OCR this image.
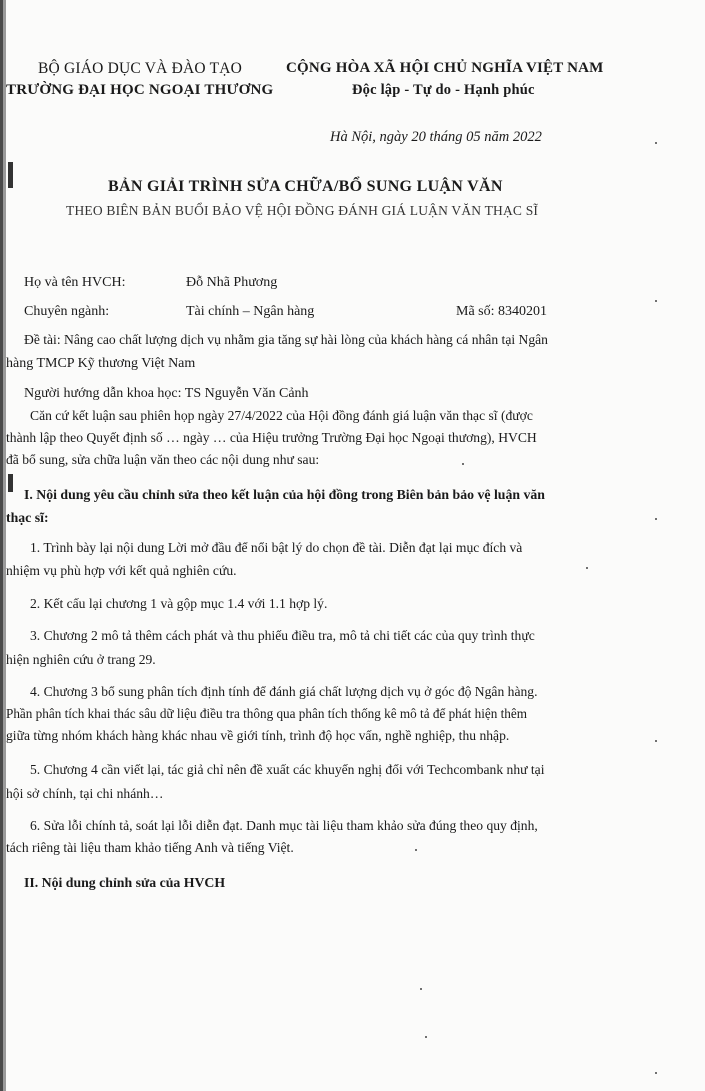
BỘ GIÁO DỤC VÀ ĐÀO TẠO
TRƯỜNG ĐẠI HỌC NGOẠI THƯƠNG
CỘNG HÒA XÃ HỘI CHỦ NGHĨA VIỆT NAM
Độc lập - Tự do - Hạnh phúc
Hà Nội, ngày 20 tháng 05 năm 2022
BẢN GIẢI TRÌNH SỬA CHỮA/BỔ SUNG LUẬN VĂN
THEO BIÊN BẢN BUỔI BẢO VỆ HỘI ĐỒNG ĐÁNH GIÁ LUẬN VĂN THẠC SĨ
Họ và tên HVCH:	Đỗ Nhã Phương
Chuyên ngành:	Tài chính – Ngân hàng	Mã số: 8340201
Đề tài: Nâng cao chất lượng dịch vụ nhằm gia tăng sự hài lòng của khách hàng cá nhân tại Ngân
hàng TMCP Kỹ thương Việt Nam
Người hướng dẫn khoa học: TS Nguyễn Văn Cảnh
Căn cứ kết luận sau phiên họp ngày 27/4/2022 của Hội đồng đánh giá luận văn thạc sĩ (được
thành lập theo Quyết định số … ngày … của Hiệu trưởng Trường Đại học Ngoại thương), HVCH
đã bổ sung, sửa chữa luận văn theo các nội dung như sau:
I. Nội dung yêu cầu chỉnh sửa theo kết luận của hội đồng trong Biên bản bảo vệ luận văn
thạc sĩ:
1. Trình bày lại nội dung Lời mở đầu để nổi bật lý do chọn đề tài. Diễn đạt lại mục đích và
nhiệm vụ phù hợp với kết quả nghiên cứu.
2. Kết cấu lại chương 1 và gộp mục 1.4 với 1.1 hợp lý.
3. Chương 2 mô tả thêm cách phát và thu phiếu điều tra, mô tả chi tiết các của quy trình thực
hiện nghiên cứu ở trang 29.
4. Chương 3 bổ sung phân tích định tính để đánh giá chất lượng dịch vụ ở góc độ Ngân hàng.
Phần phân tích khai thác sâu dữ liệu điều tra thông qua phân tích thống kê mô tả để phát hiện thêm
giữa từng nhóm khách hàng khác nhau về giới tính, trình độ học vấn, nghề nghiệp, thu nhập.
5. Chương 4 cần viết lại, tác giả chỉ nên đề xuất các khuyến nghị đối với Techcombank như tại
hội sở chính, tại chi nhánh…
6. Sửa lỗi chính tả, soát lại lỗi diễn đạt. Danh mục tài liệu tham khảo sửa đúng theo quy định,
tách riêng tài liệu tham khảo tiếng Anh và tiếng Việt.
II. Nội dung chỉnh sửa của HVCH
